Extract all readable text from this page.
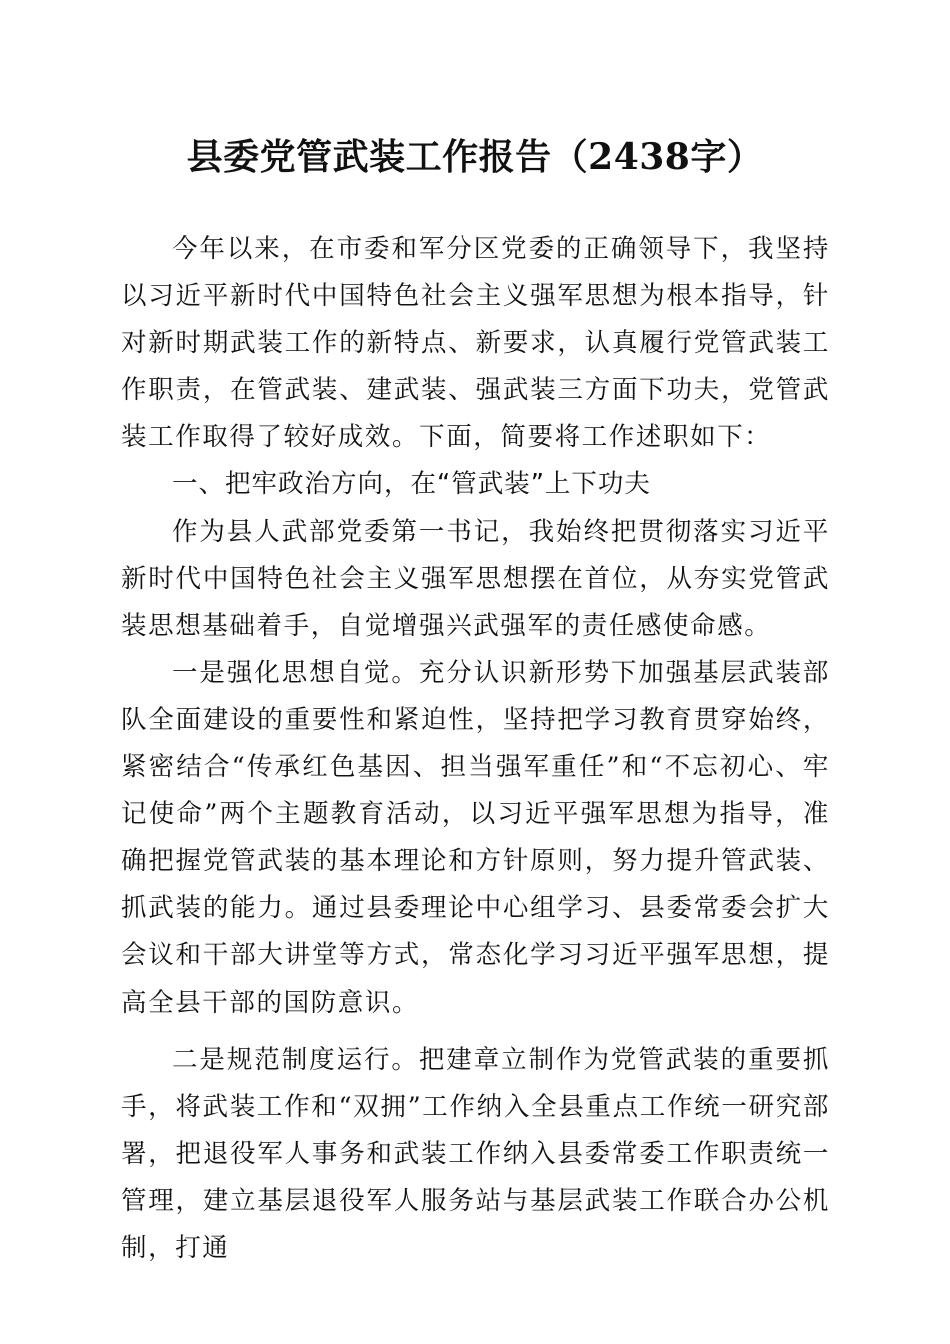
县委党管武装工作报告（2438字）

今年以来，在市委和军分区党委的正确领导下，我坚持以习近平新时代中国特色社会主义强军思想为根本指导，针对新时期武装工作的新特点、新要求，认真履行党管武装工作职责，在管武装、建武装、强武装三方面下功夫，党管武装工作取得了较好成效。下面，简要将工作述职如下：

一、把牢政治方向，在“管武装”上下功夫

作为县人武部党委第一书记，我始终把贯彻落实习近平新时代中国特色社会主义强军思想摆在首位，从夯实党管武装思想基础着手，自觉增强兴武强军的责任感使命感。

一是强化思想自觉。充分认识新形势下加强基层武装部队全面建设的重要性和紧迫性，坚持把学习教育贯穿始终，紧密结合“传承红色基因、担当强军重任”和“不忘初心、牢记使命”两个主题教育活动，以习近平强军思想为指导，准确把握党管武装的基本理论和方针原则，努力提升管武装、抓武装的能力。通过县委理论中心组学习、县委常委会扩大会议和干部大讲堂等方式，常态化学习习近平强军思想，提高全县干部的国防意识。

二是规范制度运行。把建章立制作为党管武装的重要抓手，将武装工作和“双拥”工作纳入全县重点工作统一研究部署，把退役军人事务和武装工作纳入县委常委工作职责统一管理，建立基层退役军人服务站与基层武装工作联合办公机制，打通
